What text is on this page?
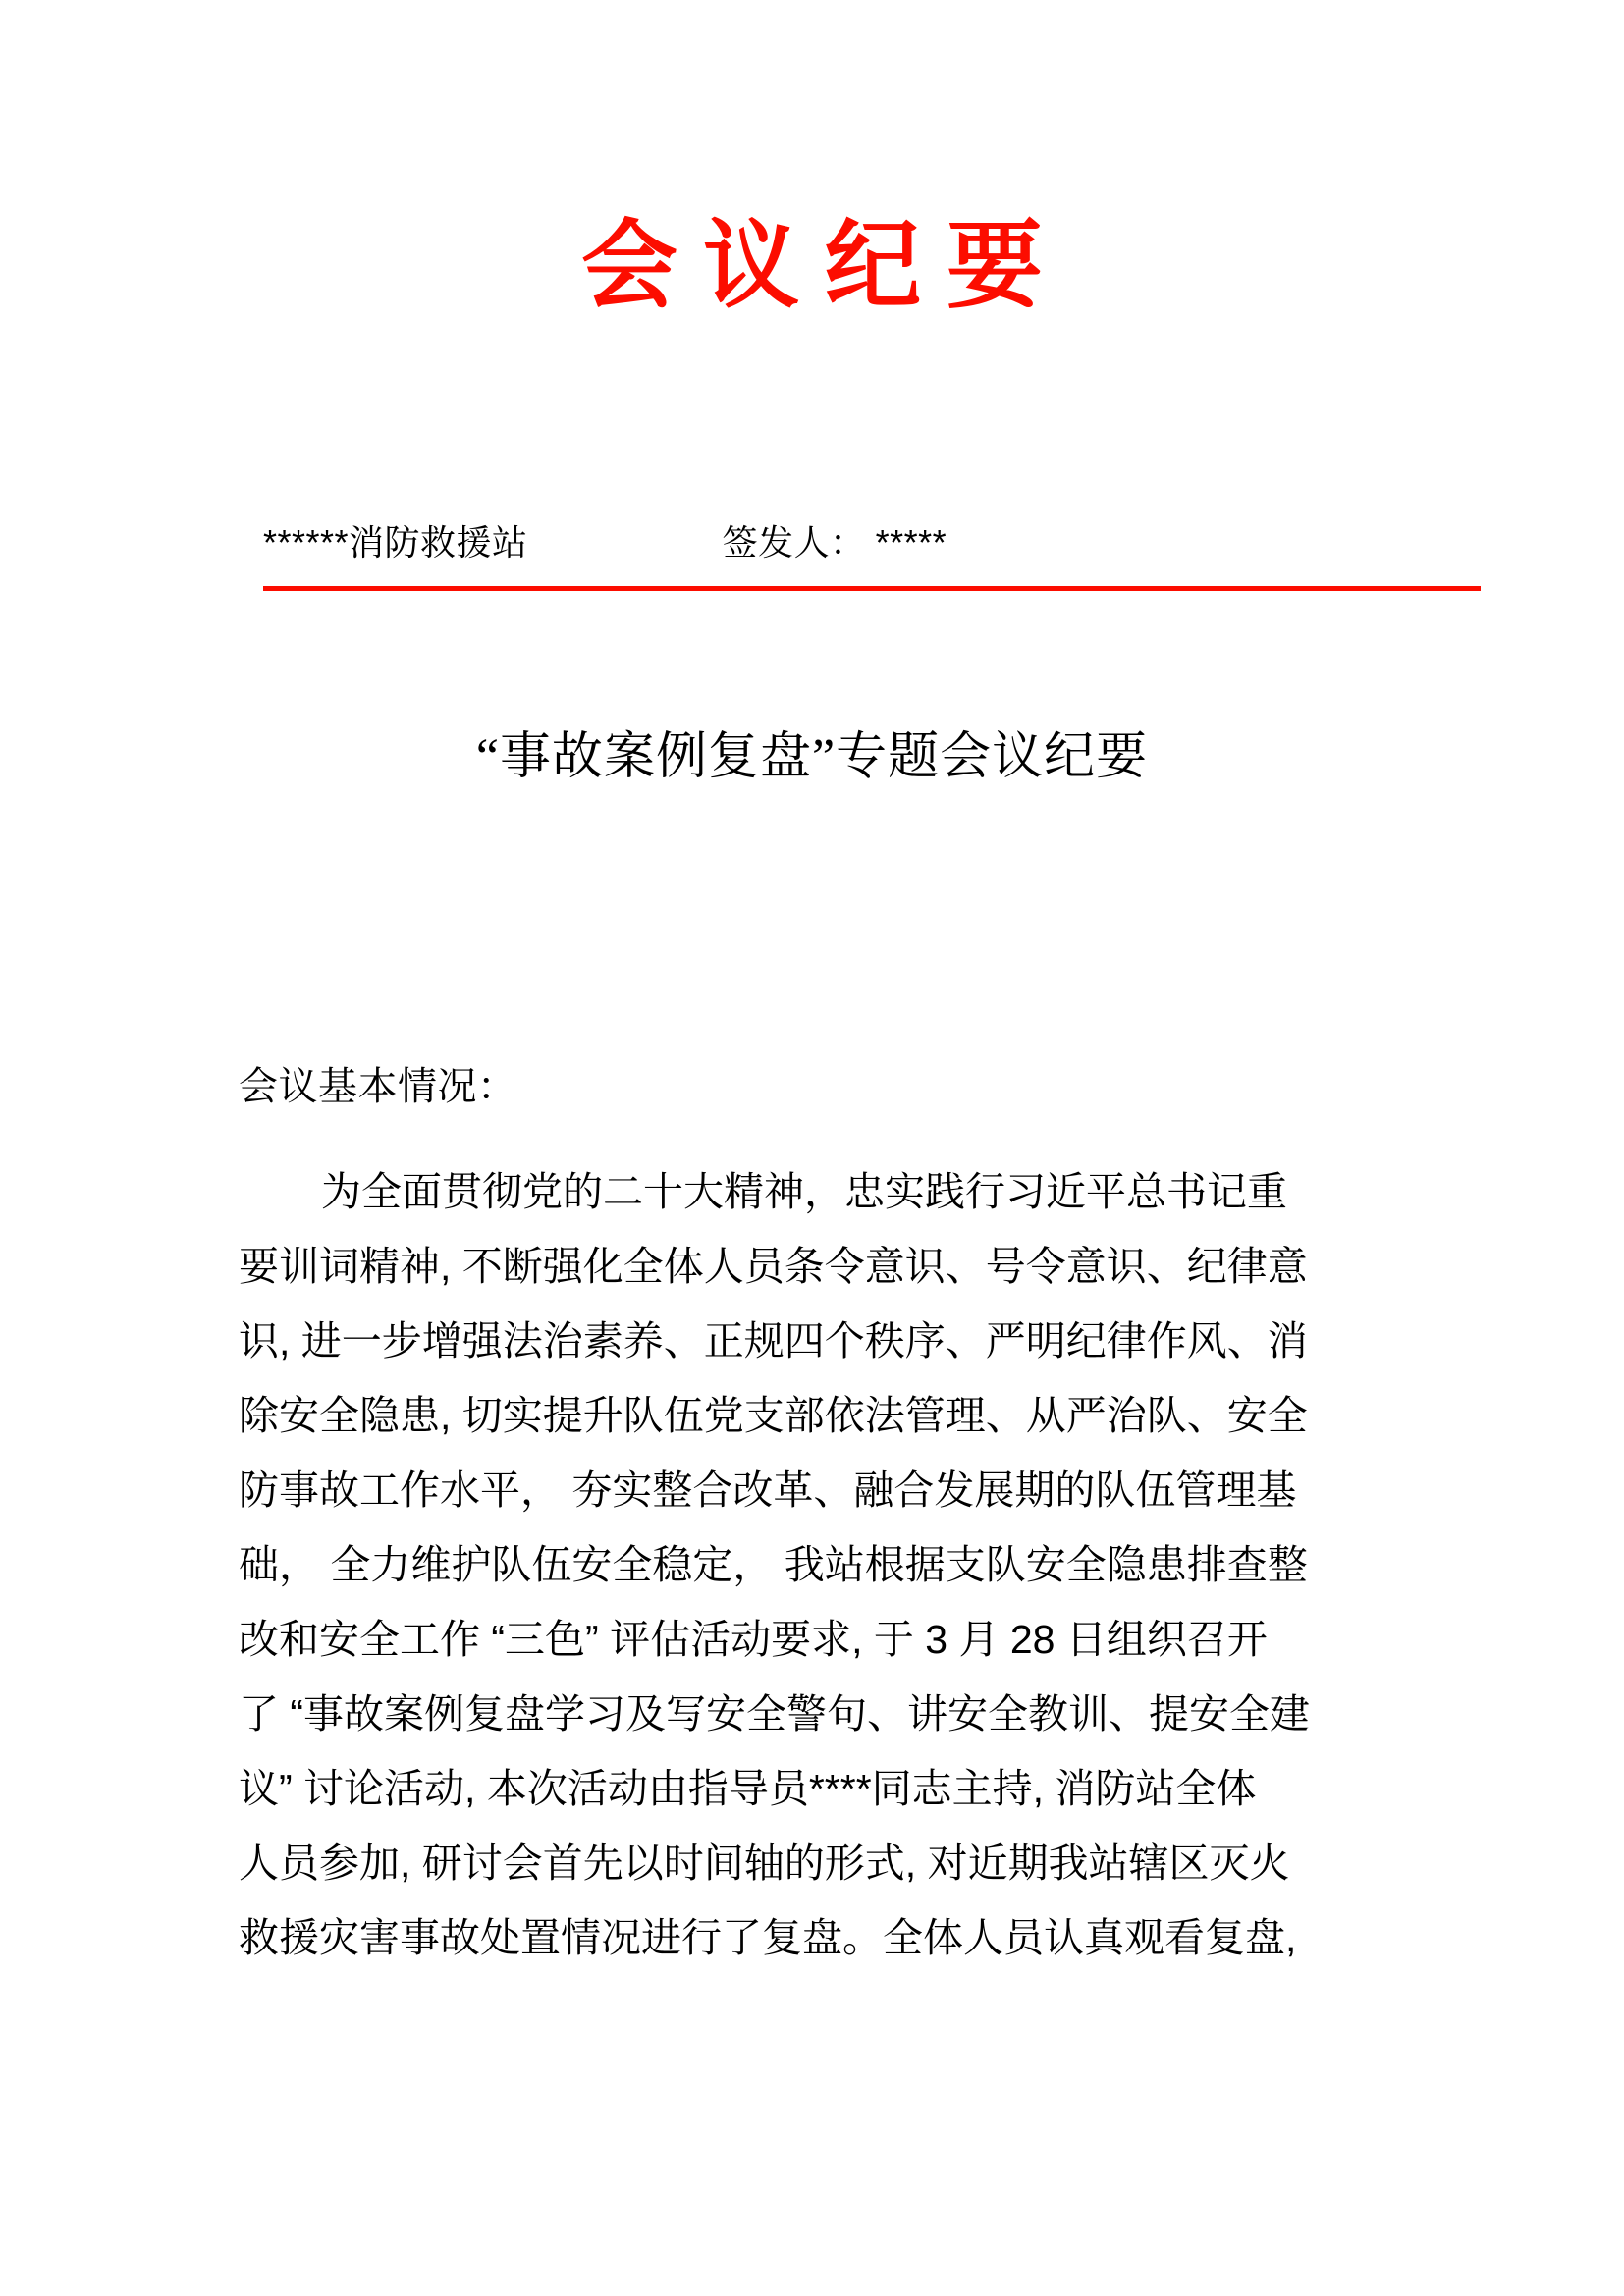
会议纪要
******消防救援站	签发人： *****
“事故案例复盘”专题会议纪要

会议基本情况：

为全面贯彻党的二十大精神，忠实践行习近平总书记重

要训词精神, 不断强化全体人员条令意识、号令意识、纪律意

识, 进一步增强法治素养、正规四个秩序、严明纪律作风、消

除安全隐患, 切实提升队伍党支部依法管理、从严治队、安全

防事故工作水平， 夯实整合改革、融合发展期的队伍管理基

础， 全力维护队伍安全稳定， 我站根据支队安全隐患排查整

改和安全工作 “三色” 评估活动要求, 于 3 月 28 日组织召开

了 “事故案例复盘学习及写安全警句、讲安全教训、提安全建

议” 讨论活动, 本次活动由指导员****同志主持, 消防站全体

人员参加, 研讨会首先以时间轴的形式, 对近期我站辖区灭火

救援灾害事故处置情况进行了复盘。全体人员认真观看复盘,
